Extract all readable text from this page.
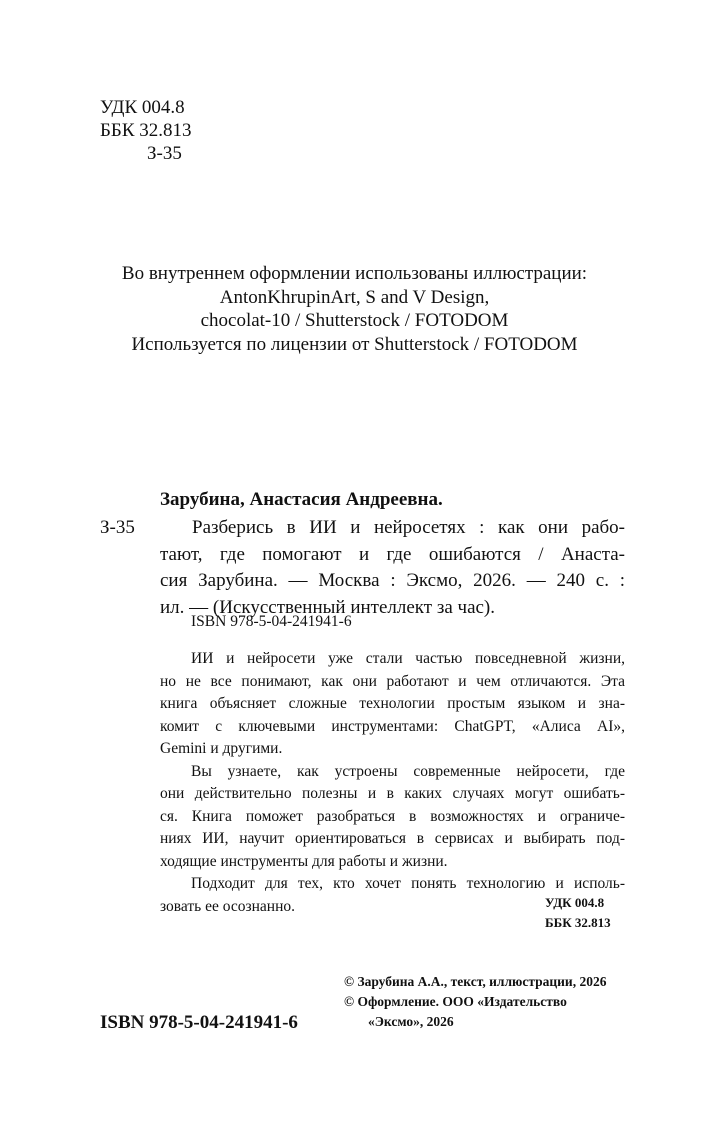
УДК 004.8
ББК 32.813
З-35
Во внутреннем оформлении использованы иллюстрации:
AntonKhrupinArt, S and V Design,
chocolat-10 / Shutterstock / FOTODOM
Используется по лицензии от Shutterstock / FOTODOM
Зарубина, Анастасия Андреевна.
З-35	Разберись в ИИ и нейросетях : как они рабо-
тают, где помогают и где ошибаются / Анаста-
сия Зарубина. — Москва : Эксмо, 2026. — 240 с. :
ил. — (Искусственный интеллект за час).
ISBN 978-5-04-241941-6
ИИ и нейросети уже стали частью повседневной жизни,
но не все понимают, как они работают и чем отличаются. Эта
книга объясняет сложные технологии простым языком и зна-
комит с ключевыми инструментами: ChatGPT, «Алиса AI»,
Gemini и другими.
Вы узнаете, как устроены современные нейросети, где
они действительно полезны и в каких случаях могут ошибать-
ся. Книга поможет разобраться в возможностях и ограниче-
ниях ИИ, научит ориентироваться в сервисах и выбирать под-
ходящие инструменты для работы и жизни.
Подходит для тех, кто хочет понять технологию и исполь-
зовать ее осознанно.	УДК 004.8
ББК 32.813
© Зарубина А.А., текст, иллюстрации, 2026
© Оформление. ООО «Издательство
«Эксмо», 2026
ISBN 978-5-04-241941-6
